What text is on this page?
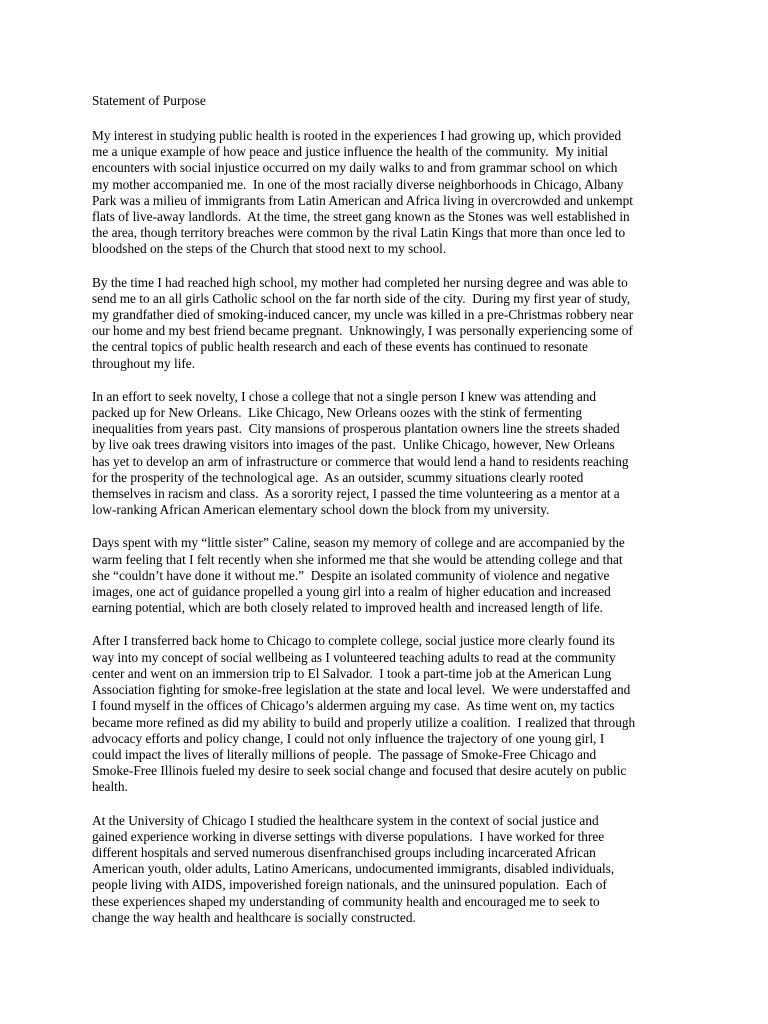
Statement of Purpose

My interest in studying public health is rooted in the experiences I had growing up, which provided
me a unique example of how peace and justice influence the health of the community.  My initial
encounters with social injustice occurred on my daily walks to and from grammar school on which
my mother accompanied me.  In one of the most racially diverse neighborhoods in Chicago, Albany
Park was a milieu of immigrants from Latin American and Africa living in overcrowded and unkempt
flats of live-away landlords.  At the time, the street gang known as the Stones was well established in
the area, though territory breaches were common by the rival Latin Kings that more than once led to
bloodshed on the steps of the Church that stood next to my school.

By the time I had reached high school, my mother had completed her nursing degree and was able to
send me to an all girls Catholic school on the far north side of the city.  During my first year of study,
my grandfather died of smoking-induced cancer, my uncle was killed in a pre-Christmas robbery near
our home and my best friend became pregnant.  Unknowingly, I was personally experiencing some of
the central topics of public health research and each of these events has continued to resonate
throughout my life.

In an effort to seek novelty, I chose a college that not a single person I knew was attending and
packed up for New Orleans.  Like Chicago, New Orleans oozes with the stink of fermenting
inequalities from years past.  City mansions of prosperous plantation owners line the streets shaded
by live oak trees drawing visitors into images of the past.  Unlike Chicago, however, New Orleans
has yet to develop an arm of infrastructure or commerce that would lend a hand to residents reaching
for the prosperity of the technological age.  As an outsider, scummy situations clearly rooted
themselves in racism and class.  As a sorority reject, I passed the time volunteering as a mentor at a
low-ranking African American elementary school down the block from my university.

Days spent with my “little sister” Caline, season my memory of college and are accompanied by the
warm feeling that I felt recently when she informed me that she would be attending college and that
she “couldn’t have done it without me.”  Despite an isolated community of violence and negative
images, one act of guidance propelled a young girl into a realm of higher education and increased
earning potential, which are both closely related to improved health and increased length of life.

After I transferred back home to Chicago to complete college, social justice more clearly found its
way into my concept of social wellbeing as I volunteered teaching adults to read at the community
center and went on an immersion trip to El Salvador.  I took a part-time job at the American Lung
Association fighting for smoke-free legislation at the state and local level.  We were understaffed and
I found myself in the offices of Chicago’s aldermen arguing my case.  As time went on, my tactics
became more refined as did my ability to build and properly utilize a coalition.  I realized that through
advocacy efforts and policy change, I could not only influence the trajectory of one young girl, I
could impact the lives of literally millions of people.  The passage of Smoke-Free Chicago and
Smoke-Free Illinois fueled my desire to seek social change and focused that desire acutely on public
health.

At the University of Chicago I studied the healthcare system in the context of social justice and
gained experience working in diverse settings with diverse populations.  I have worked for three
different hospitals and served numerous disenfranchised groups including incarcerated African
American youth, older adults, Latino Americans, undocumented immigrants, disabled individuals,
people living with AIDS, impoverished foreign nationals, and the uninsured population.  Each of
these experiences shaped my understanding of community health and encouraged me to seek to
change the way health and healthcare is socially constructed.
